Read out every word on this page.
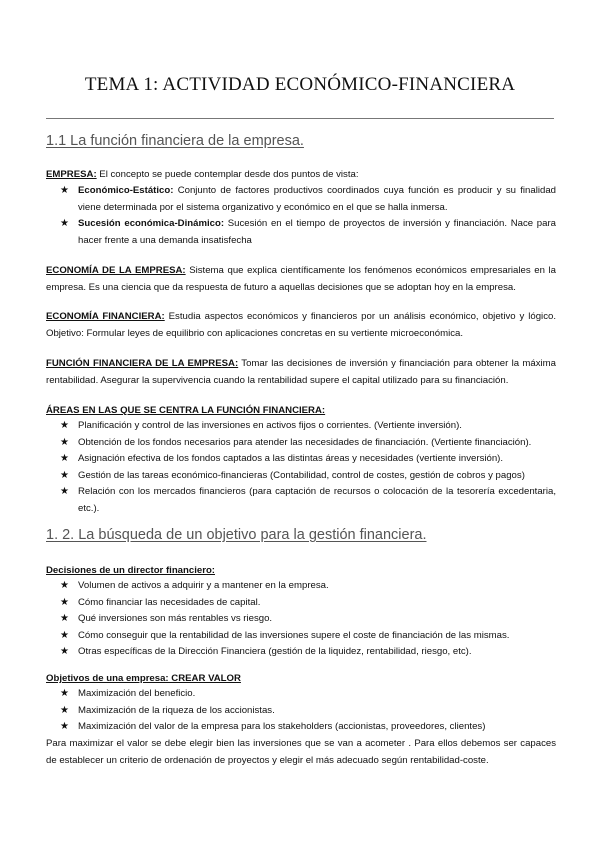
TEMA 1: ACTIVIDAD ECONÓMICO-FINANCIERA
1.1 La función financiera de la empresa.
EMPRESA: El concepto se puede contemplar desde dos puntos de vista:
★ Económico-Estático: Conjunto de factores productivos coordinados cuya función es producir y su finalidad viene determinada por el sistema organizativo y económico en el que se halla inmersa.
★ Sucesión económica-Dinámico: Sucesión en el tiempo de proyectos de inversión y financiación. Nace para hacer frente a una demanda insatisfecha
ECONOMÍA DE LA EMPRESA: Sistema que explica científicamente los fenómenos económicos empresariales en la empresa. Es una ciencia que da respuesta de futuro a aquellas decisiones que se adoptan hoy en la empresa.
ECONOMÍA FINANCIERA: Estudia aspectos económicos y financieros por un análisis económico, objetivo y lógico. Objetivo: Formular leyes de equilibrio con aplicaciones concretas en su vertiente microeconómica.
FUNCIÓN FINANCIERA DE LA EMPRESA: Tomar las decisiones de inversión y financiación para obtener la máxima rentabilidad. Asegurar la supervivencia cuando la rentabilidad supere el capital utilizado para su financiación.
ÁREAS EN LAS QUE SE CENTRA LA FUNCIÓN FINANCIERA:
★ Planificación y control de las inversiones en activos fijos o corrientes. (Vertiente inversión).
★ Obtención de los fondos necesarios para atender las necesidades de financiación. (Vertiente financiación).
★ Asignación efectiva de los fondos captados a las distintas áreas y necesidades (vertiente inversión).
★ Gestión de las tareas económico-financieras (Contabilidad, control de costes, gestión de cobros y pagos)
★ Relación con los mercados financieros (para captación de recursos o colocación de la tesorería excedentaria, etc.).
1. 2. La búsqueda de un objetivo para la gestión financiera.
Decisiones de un director financiero:
★ Volumen de activos a adquirir y a mantener en la empresa.
★ Cómo financiar las necesidades de capital.
★ Qué inversiones son más rentables vs riesgo.
★ Cómo conseguir que la rentabilidad de las inversiones supere el coste de financiación de las mismas.
★ Otras específicas de la Dirección Financiera (gestión de la liquidez, rentabilidad, riesgo, etc).
Objetivos de una empresa: CREAR VALOR
★ Maximización del beneficio.
★ Maximización de la riqueza de los accionistas.
★ Maximización del valor de la empresa para los stakeholders (accionistas, proveedores, clientes)
Para maximizar el valor se debe elegir bien las inversiones que se van a acometer . Para ellos debemos ser capaces de establecer un criterio de ordenación de proyectos y elegir el más adecuado según rentabilidad-coste.
